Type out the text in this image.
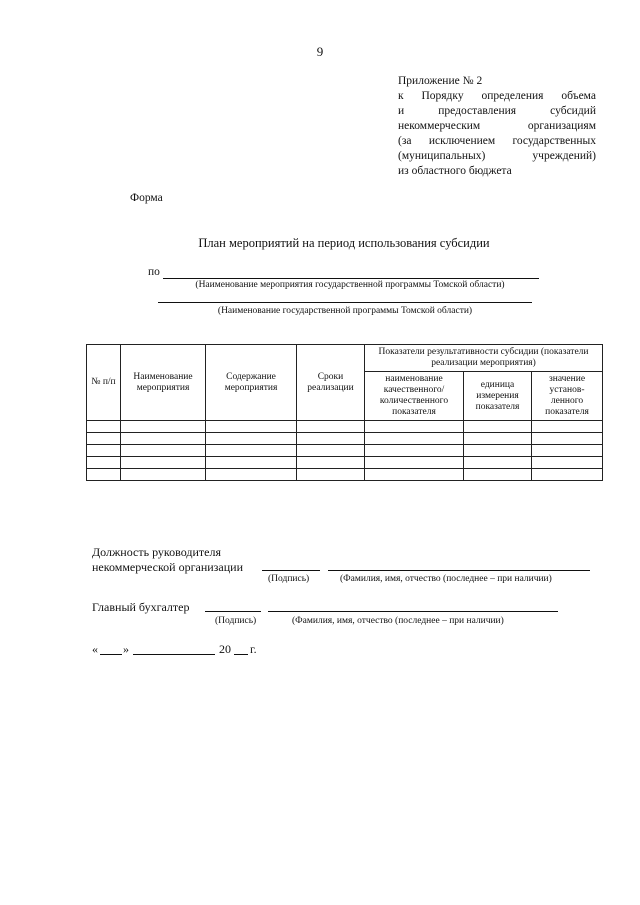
9
Приложение № 2
к Порядку определения объема
и предоставления субсидий
некоммерческим организациям
(за исключением государственных
(муниципальных) учреждений)
из областного бюджета
Форма
План мероприятий на период использования субсидии
по
(Наименование мероприятия государственной программы Томской области)
(Наименование государственной программы Томской области)
№ п/п	Наименование мероприятия	Содержание мероприятия	Сроки реализации	Показатели результативности субсидии (показатели реализации мероприятия)		
				наименование качественного/ количественного показателя	единица измерения показателя	значение установ-ленного показателя

Должность руководителя
некоммерческой организации
(Подпись)	(Фамилия, имя, отчество (последнее – при наличии)
Главный бухгалтер
(Подпись)	(Фамилия, имя, отчество (последнее – при наличии)
« »	20 г.
